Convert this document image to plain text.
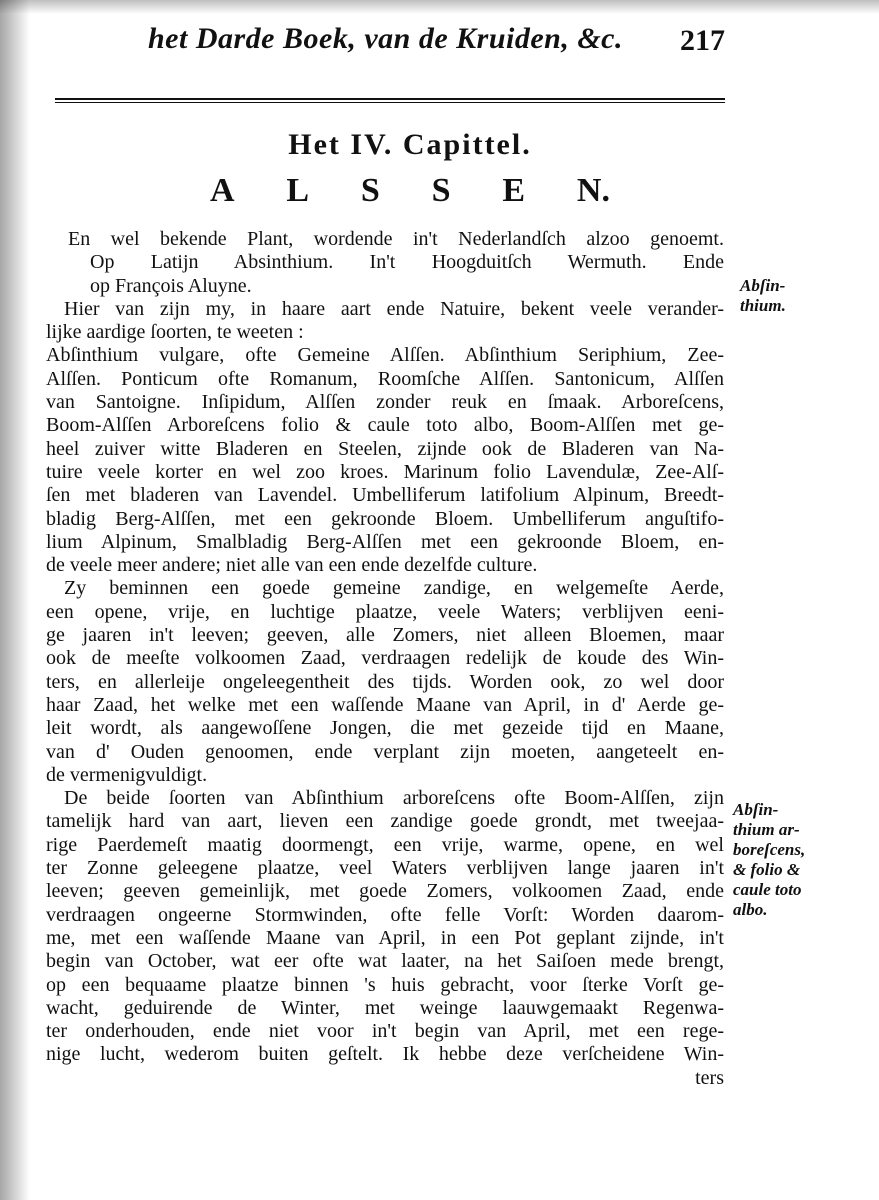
het Darde Boek, van de Kruiden, &c. 217
Het IV. Capittel.
A L S S E N.
En wel bekende Plant, wordende in't Nederlandſch alzoo genoemt.
Op Latijn Absinthium. In't Hoogduitſch Wermuth. Ende
op François Aluyne.
Hier van zijn my, in haare aart ende Natuire, bekent veele verander-
lijke aardige ſoorten, te weeten :
Abſinthium vulgare, ofte Gemeine Alſſen. Abſinthium Seriphium, Zee-
Alſſen. Ponticum ofte Romanum, Roomſche Alſſen. Santonicum, Alſſen
van Santoigne. Inſipidum, Alſſen zonder reuk en ſmaak. Arboreſcens,
Boom-Alſſen Arboreſcens folio & caule toto albo, Boom-Alſſen met ge-
heel zuiver witte Bladeren en Steelen, zijnde ook de Bladeren van Na-
tuire veele korter en wel zoo kroes. Marinum folio Lavendulæ, Zee-Alſ-
ſen met bladeren van Lavendel. Umbelliferum latifolium Alpinum, Breedt-
bladig Berg-Alſſen, met een gekroonde Bloem. Umbelliferum anguſtifo-
lium Alpinum, Smalbladig Berg-Alſſen met een gekroonde Bloem, en-
de veele meer andere; niet alle van een ende dezelfde culture.
Zy beminnen een goede gemeine zandige, en welgemeſte Aerde,
een opene, vrije, en luchtige plaatze, veele Waters; verblijven eeni-
ge jaaren in't leeven; geeven, alle Zomers, niet alleen Bloemen, maar
ook de meeſte volkoomen Zaad, verdraagen redelijk de koude des Win-
ters, en allerleije ongeleegentheit des tijds. Worden ook, zo wel door
haar Zaad, het welke met een waſſende Maane van April, in d' Aerde ge-
leit wordt, als aangewoſſene Jongen, die met gezeide tijd en Maane,
van d' Ouden genoomen, ende verplant zijn moeten, aangeteelt en-
de vermenigvuldigt.
De beide ſoorten van Abſinthium arboreſcens ofte Boom-Alſſen, zijn
tamelijk hard van aart, lieven een zandige goede grondt, met tweejaa-
rige Paerdemeſt maatig doormengt, een vrije, warme, opene, en wel
ter Zonne geleegene plaatze, veel Waters verblijven lange jaaren in't
leeven; geeven gemeinlijk, met goede Zomers, volkoomen Zaad, ende
verdraagen ongeerne Stormwinden, ofte felle Vorſt: Worden daarom-
me, met een waſſende Maane van April, in een Pot geplant zijnde, in't
begin van October, wat eer ofte wat laater, na het Saiſoen mede brengt,
op een bequaame plaatze binnen 's huis gebracht, voor ſterke Vorſt ge-
wacht, geduirende de Winter, met weinge laauwgemaakt Regenwa-
ter onderhouden, ende niet voor in't begin van April, met een rege-
nige lucht, wederom buiten geſtelt. Ik hebbe deze verſcheidene Win-
ters
Abſin-
thium.
Abſin-
thium ar-
boreſcens,
& folio &
caule toto
albo.
